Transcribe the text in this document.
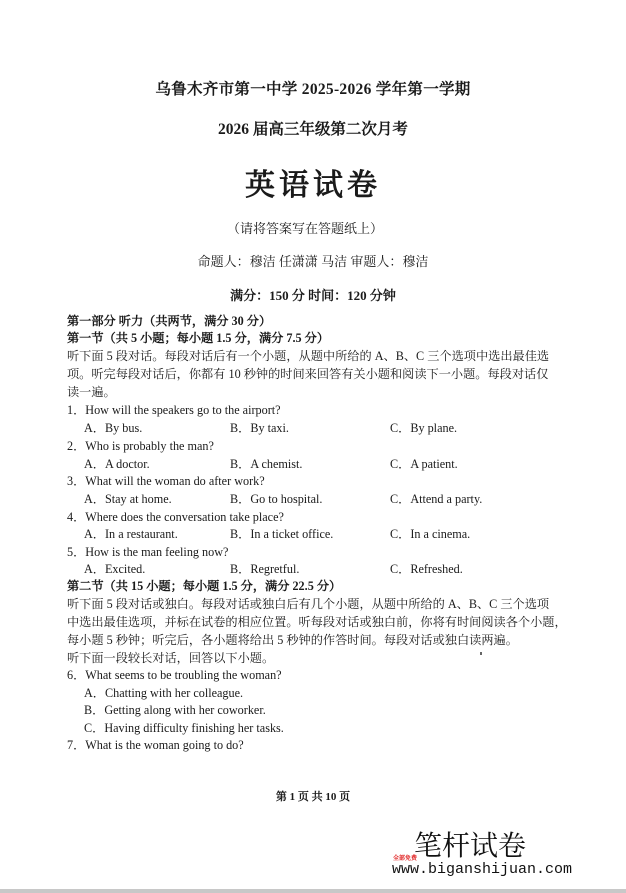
乌鲁木齐市第一中学 2025-2026 学年第一学期
2026 届高三年级第二次月考
英语试卷
（请将答案写在答题纸上）
命题人：穆洁 任潇潇 马洁 审题人：穆洁
满分：150 分 时间：120 分钟
第一部分 听力（共两节，满分 30 分）
第一节（共 5 小题；每小题 1.5 分，满分 7.5 分）
听下面 5 段对话。每段对话后有一个小题，从题中所给的 A、B、C 三个选项中选出最佳选
项。听完每段对话后，你都有 10 秒钟的时间来回答有关小题和阅读下一小题。每段对话仅
读一遍。
1．How will the speakers go to the airport?
A．By bus.	B．By taxi.	C．By plane.
2．Who is probably the man?
A．A doctor.	B．A chemist.	C．A patient.
3．What will the woman do after work?
A．Stay at home.	B．Go to hospital.	C．Attend a party.
4．Where does the conversation take place?
A．In a restaurant.	B．In a ticket office.	C．In a cinema.
5．How is the man feeling now?
A．Excited.	B．Regretful.	C．Refreshed.
第二节（共 15 小题；每小题 1.5 分，满分 22.5 分）
听下面 5 段对话或独白。每段对话或独白后有几个小题，从题中所给的 A、B、C 三个选项
中选出最佳选项，并标在试卷的相应位置。听每段对话或独白前，你将有时间阅读各个小题，
每小题 5 秒钟；听完后，各小题将给出 5 秒钟的作答时间。每段对话或独白读两遍。
听下面一段较长对话，回答以下小题。
6．What seems to be troubling the woman?
A．Chatting with her colleague.
B．Getting along with her coworker.
C．Having difficulty finishing her tasks.
7．What is the woman going to do?
第 1 页 共 10 页
笔杆试卷
全部免费
www.biganshijuan.com
